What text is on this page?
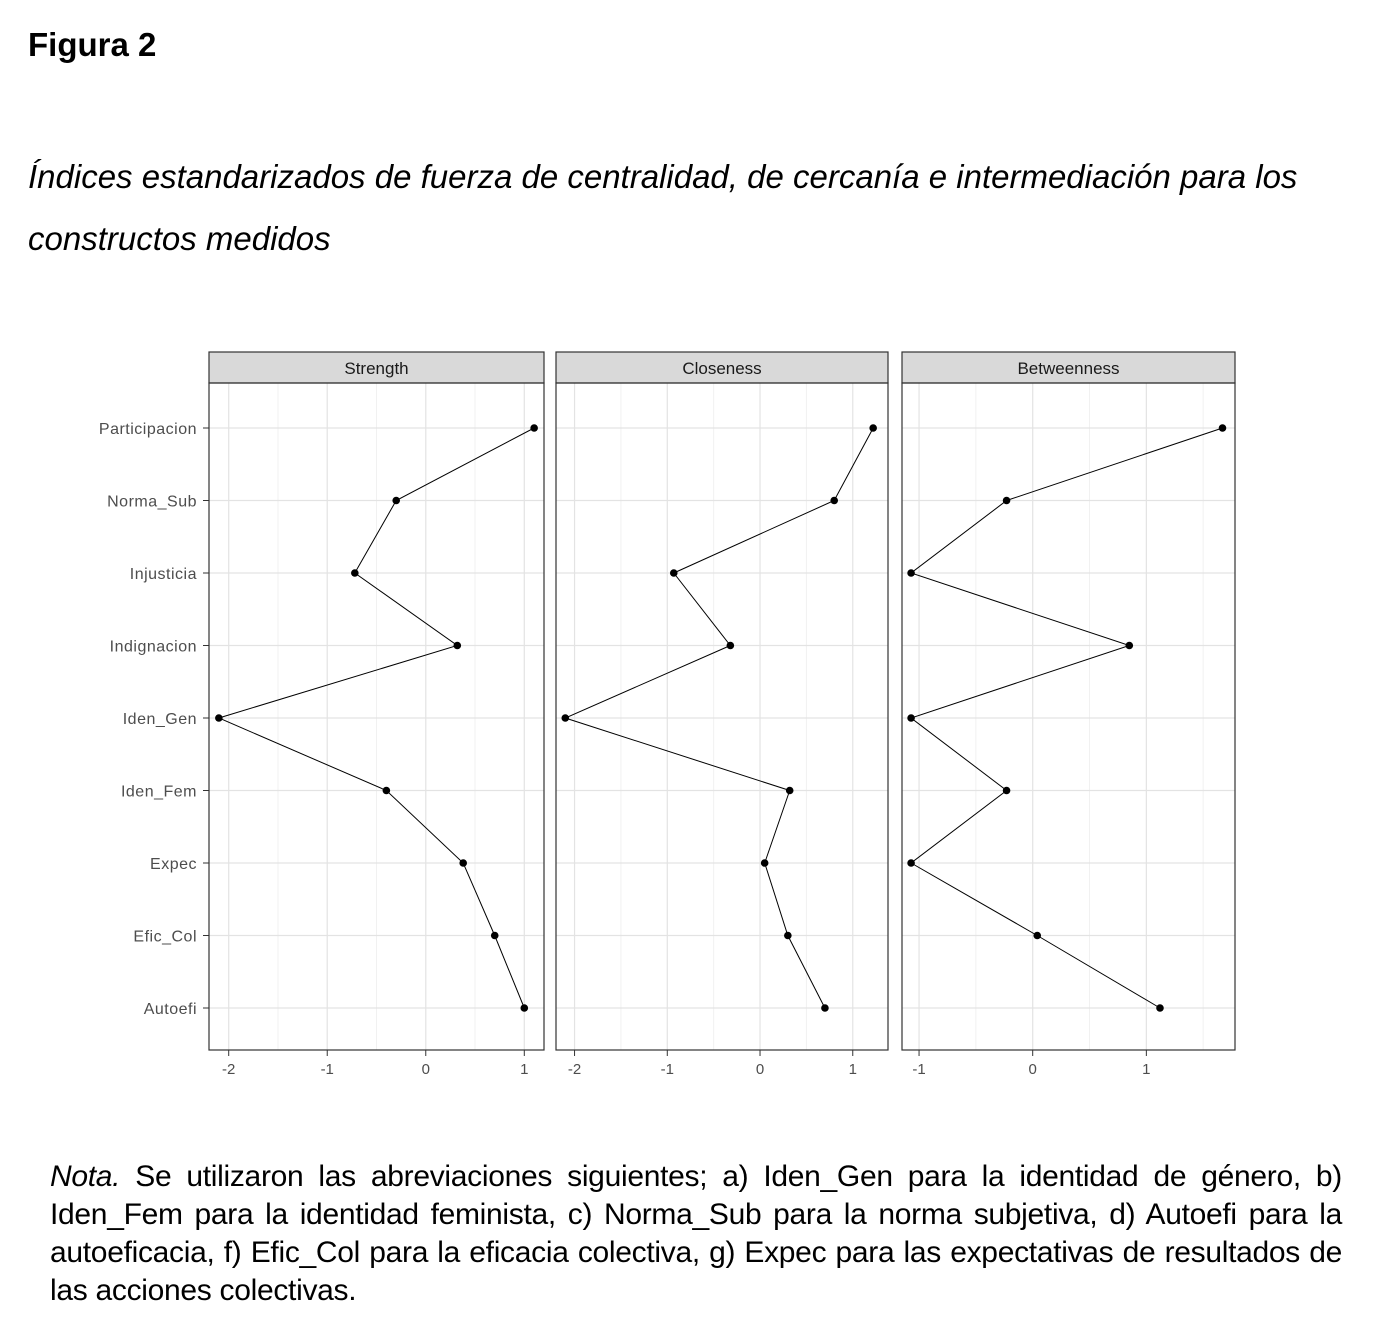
Figura 2
Índices estandarizados de fuerza de centralidad, de cercanía e intermediación para los constructos medidos
Participacion
Norma_Sub
Injusticia
Indignacion
Iden_Gen
Iden_Fem
Expec
Efic_Col
Autoefi
Strength
-2	-1	0	1
Closeness
-2	-1	0	1
Betweenness
-1	0	1
Nota. Se utilizaron las abreviaciones siguientes; a) Iden_Gen para la identidad de género, b) Iden_Fem para la identidad feminista, c) Norma_Sub para la norma subjetiva, d) Autoefi para la autoeficacia, f) Efic_Col para la eficacia colectiva, g) Expec para las expectativas de resultados de las acciones colectivas.
